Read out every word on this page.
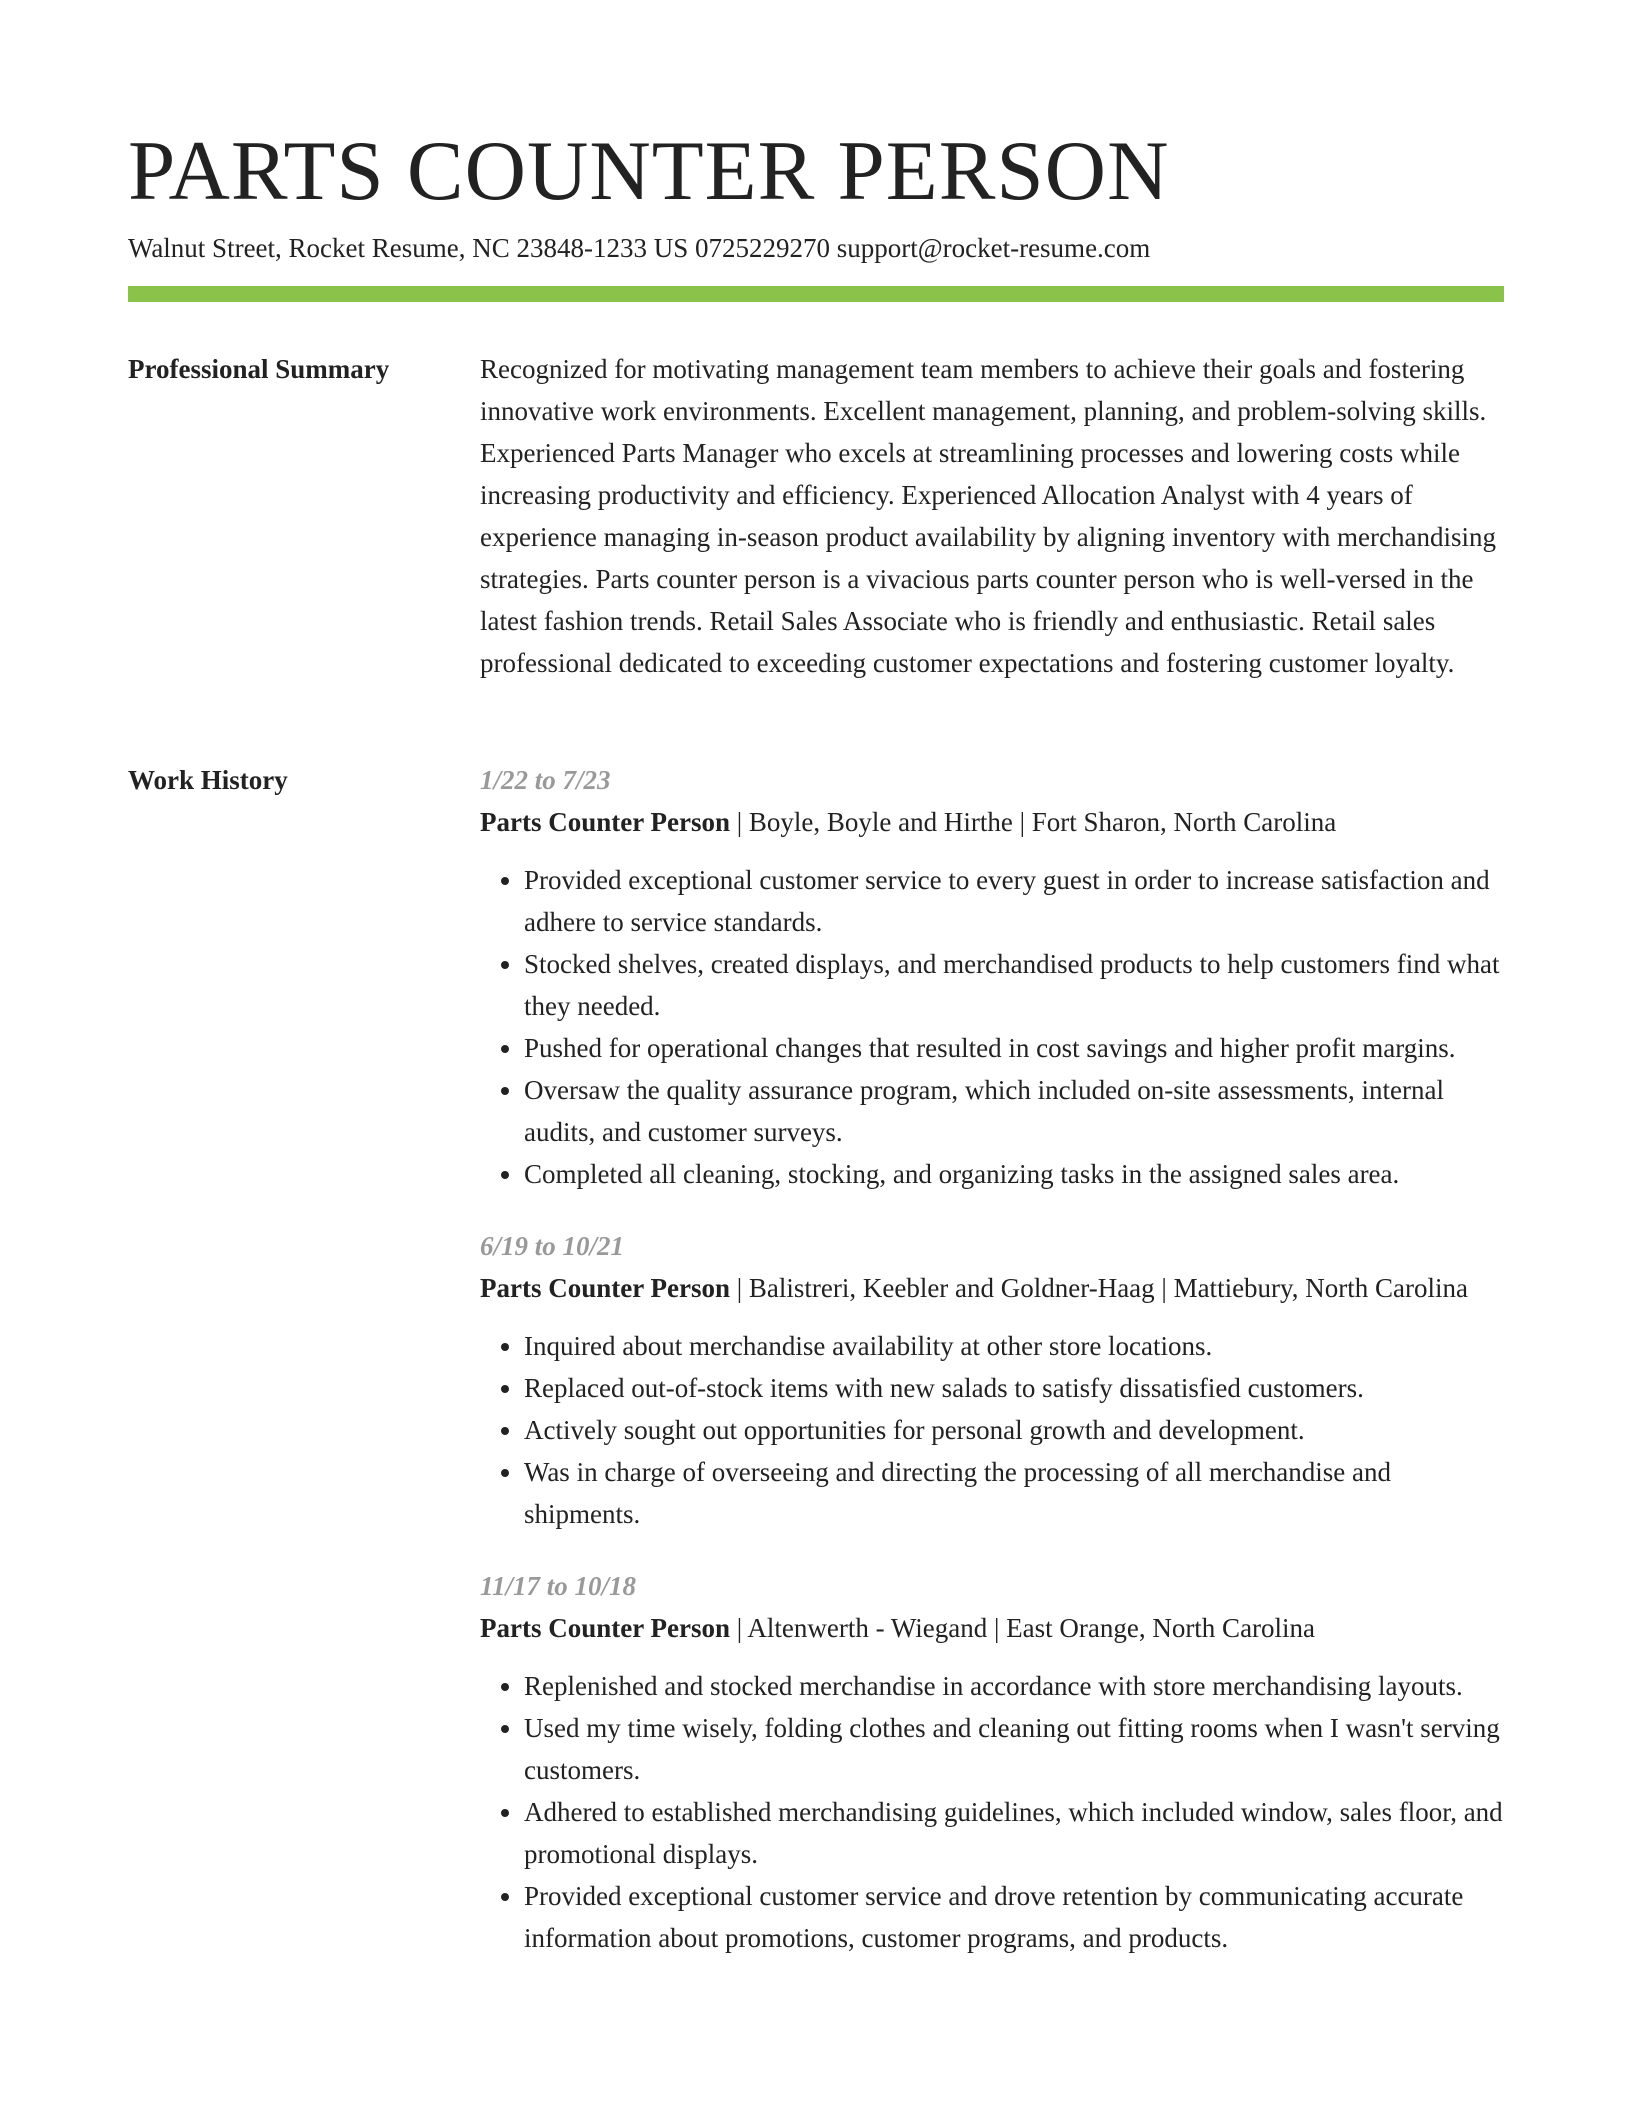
PARTS COUNTER PERSON
Walnut Street, Rocket Resume, NC 23848-1233 US 0725229270 support@rocket-resume.com
Professional Summary	Recognized for motivating management team members to achieve their goals and fostering innovative work environments. Excellent management, planning, and problem-solving skills. Experienced Parts Manager who excels at streamlining processes and lowering costs while increasing productivity and efficiency. Experienced Allocation Analyst with 4 years of experience managing in-season product availability by aligning inventory with merchandising strategies. Parts counter person is a vivacious parts counter person who is well-versed in the latest fashion trends. Retail Sales Associate who is friendly and enthusiastic. Retail sales professional dedicated to exceeding customer expectations and fostering customer loyalty.

Work History	1/22 to 7/23

Parts Counter Person | Boyle, Boyle and Hirthe | Fort Sharon, North Carolina

• Provided exceptional customer service to every guest in order to increase satisfaction and adhere to service standards.
• Stocked shelves, created displays, and merchandised products to help customers find what they needed.
• Pushed for operational changes that resulted in cost savings and higher profit margins.
• Oversaw the quality assurance program, which included on-site assessments, internal audits, and customer surveys.
• Completed all cleaning, stocking, and organizing tasks in the assigned sales area.

6/19 to 10/21

Parts Counter Person | Balistreri, Keebler and Goldner-Haag | Mattiebury, North Carolina

• Inquired about merchandise availability at other store locations.
• Replaced out-of-stock items with new salads to satisfy dissatisfied customers.
• Actively sought out opportunities for personal growth and development.
• Was in charge of overseeing and directing the processing of all merchandise and shipments.

11/17 to 10/18

Parts Counter Person | Altenwerth - Wiegand | East Orange, North Carolina

• Replenished and stocked merchandise in accordance with store merchandising layouts.
• Used my time wisely, folding clothes and cleaning out fitting rooms when I wasn't serving customers.
• Adhered to established merchandising guidelines, which included window, sales floor, and promotional displays.
• Provided exceptional customer service and drove retention by communicating accurate information about promotions, customer programs, and products.
